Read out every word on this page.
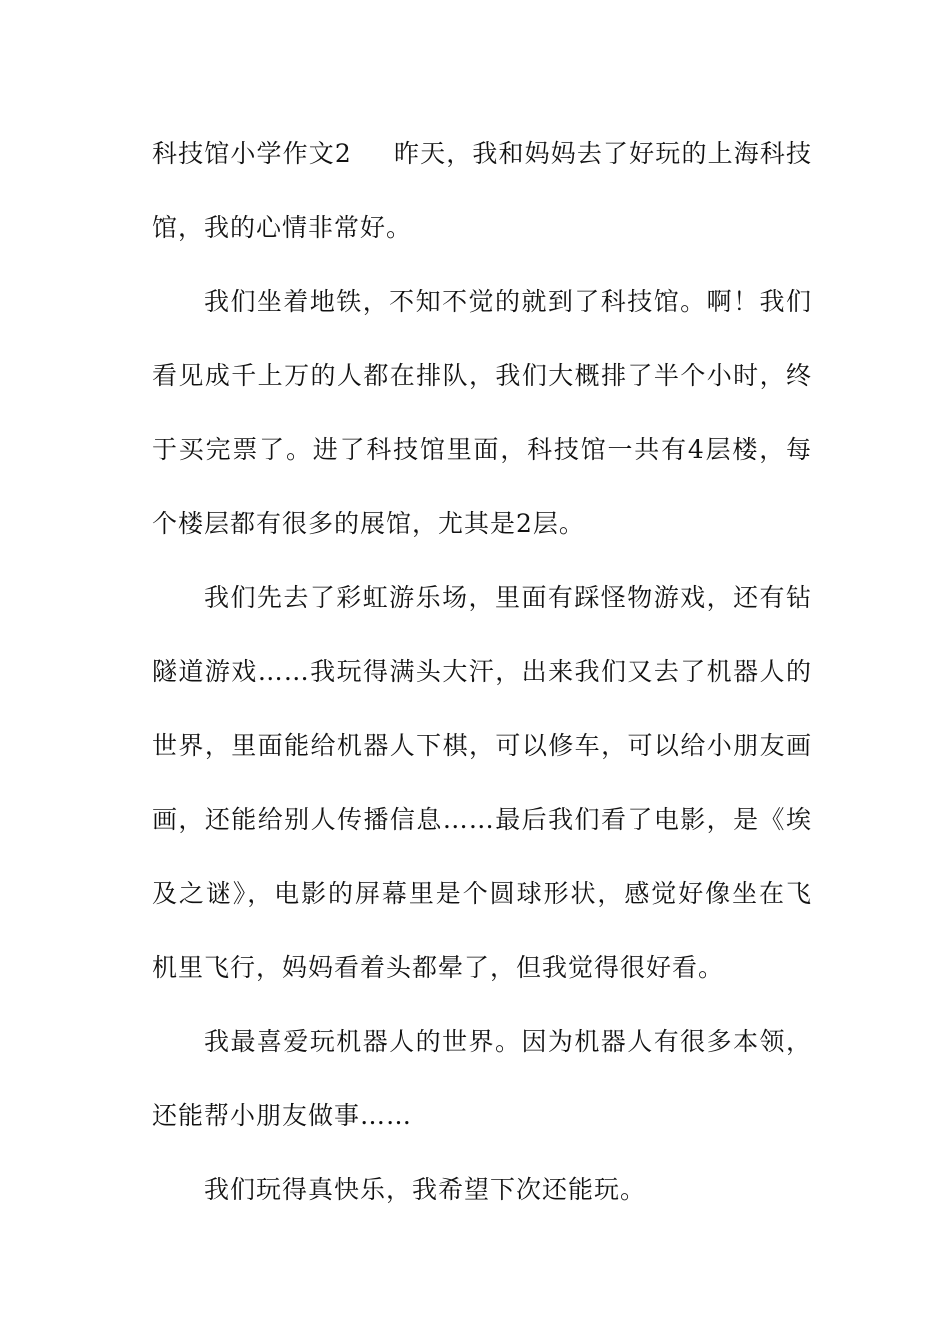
科技馆小学作文2 昨天，我和妈妈去了好玩的上海科技馆，我的心情非常好。

我们坐着地铁，不知不觉的就到了科技馆。啊！我们看见成千上万的人都在排队，我们大概排了半个小时，终于买完票了。进了科技馆里面，科技馆一共有4层楼，每个楼层都有很多的展馆，尤其是2层。

我们先去了彩虹游乐场，里面有踩怪物游戏，还有钻隧道游戏……我玩得满头大汗，出来我们又去了机器人的世界，里面能给机器人下棋，可以修车，可以给小朋友画画，还能给别人传播信息……最后我们看了电影，是《埃及之谜》，电影的屏幕里是个圆球形状，感觉好像坐在飞机里飞行，妈妈看着头都晕了，但我觉得很好看。

我最喜爱玩机器人的世界。因为机器人有很多本领，还能帮小朋友做事……

我们玩得真快乐，我希望下次还能玩。
